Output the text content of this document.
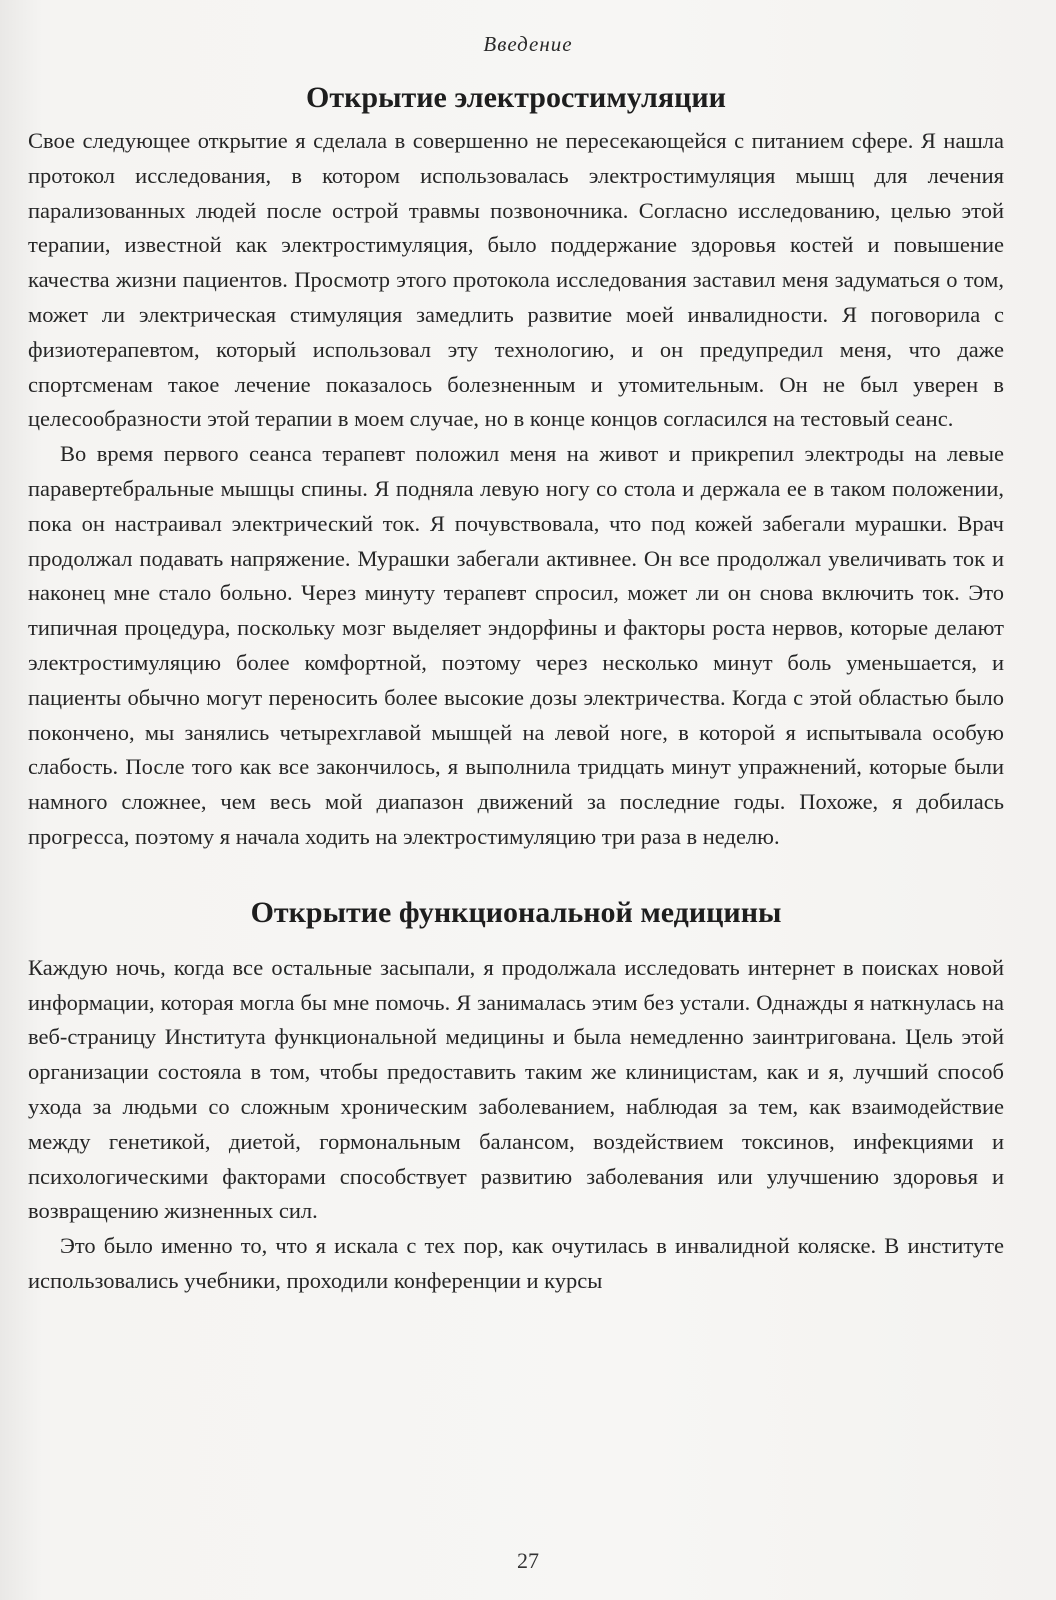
Введение
Открытие электростимуляции

Свое следующее открытие я сделала в совершенно не пересекающейся с питанием сфере. Я нашла протокол исследования, в котором использовалась электростимуляция мышц для лечения парализованных людей после острой травмы позвоночника. Согласно исследованию, целью этой терапии, известной как электростимуляция, было поддержание здоровья костей и повышение качества жизни пациентов. Просмотр этого протокола исследования заставил меня задуматься о том, может ли электрическая стимуляция замедлить развитие моей инвалидности. Я поговорила с физиотерапевтом, который использовал эту технологию, и он предупредил меня, что даже спортсменам такое лечение показалось болезненным и утомительным. Он не был уверен в целесообразности этой терапии в моем случае, но в конце концов согласился на тестовый сеанс.

Во время первого сеанса терапевт положил меня на живот и прикрепил электроды на левые паравертебральные мышцы спины. Я подняла левую ногу со стола и держала ее в таком положении, пока он настраивал электрический ток. Я почувствовала, что под кожей забегали мурашки. Врач продолжал подавать напряжение. Мурашки забегали активнее. Он все продолжал увеличивать ток и наконец мне стало больно. Через минуту терапевт спросил, может ли он снова включить ток. Это типичная процедура, поскольку мозг выделяет эндорфины и факторы роста нервов, которые делают электростимуляцию более комфортной, поэтому через несколько минут боль уменьшается, и пациенты обычно могут переносить более высокие дозы электричества. Когда с этой областью было покончено, мы занялись четырехглавой мышцей на левой ноге, в которой я испытывала особую слабость. После того как все закончилось, я выполнила тридцать минут упражнений, которые были намного сложнее, чем весь мой диапазон движений за последние годы. Похоже, я добилась прогресса, поэтому я начала ходить на электростимуляцию три раза в неделю.

Открытие функциональной медицины

Каждую ночь, когда все остальные засыпали, я продолжала исследовать интернет в поисках новой информации, которая могла бы мне помочь. Я занималась этим без устали. Однажды я наткнулась на веб-страницу Института функциональной медицины и была немедленно заинтригована. Цель этой организации состояла в том, чтобы предоставить таким же клиницистам, как и я, лучший способ ухода за людьми со сложным хроническим заболеванием, наблюдая за тем, как взаимодействие между генетикой, диетой, гормональным балансом, воздействием токсинов, инфекциями и психологическими факторами способствует развитию заболевания или улучшению здоровья и возвращению жизненных сил.

Это было именно то, что я искала с тех пор, как очутилась в инвалидной коляске. В институте использовались учебники, проходили конференции и курсы

27
